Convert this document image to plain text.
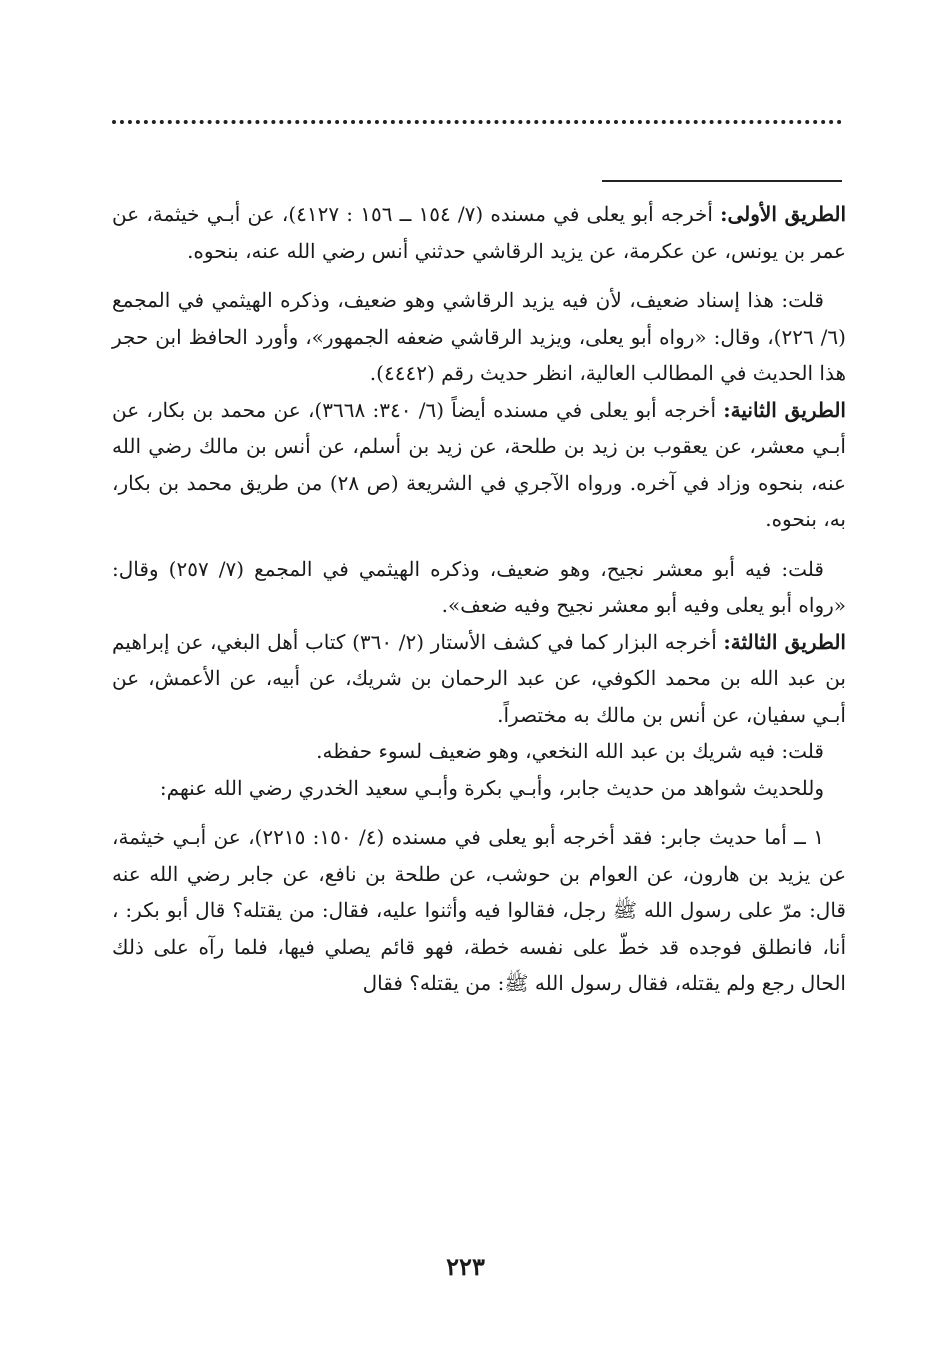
الطريق الأولى: أخرجه أبو يعلى في مسنده (٧/ ١٥٤ ــ ١٥٦ : ٤١٢٧)، عن أبـي خيثمة، عن عمر بن يونس، عن عكرمة، عن يزيد الرقاشي حدثني أنس رضي الله عنه، بنحوه.

قلت: هذا إسناد ضعيف، لأن فيه يزيد الرقاشي وهو ضعيف، وذكره الهيثمي في المجمع (٦/ ٢٢٦)، وقال: «رواه أبو يعلى، ويزيد الرقاشي ضعفه الجمهور»، وأورد الحافظ ابن حجر هذا الحديث في المطالب العالية، انظر حديث رقم (٤٤٤٢).

الطريق الثانية: أخرجه أبو يعلى في مسنده أيضاً (٦/ ٣٤٠: ٣٦٦٨)، عن محمد بن بكار، عن أبـي معشر، عن يعقوب بن زيد بن طلحة، عن زيد بن أسلم، عن أنس بن مالك رضي الله عنه، بنحوه وزاد في آخره. ورواه الآجري في الشريعة (ص ٢٨) من طريق محمد بن بكار، به، بنحوه.

قلت: فيه أبو معشر نجيح، وهو ضعيف، وذكره الهيثمي في المجمع (٧/ ٢٥٧) وقال: «رواه أبو يعلى وفيه أبو معشر نجيح وفيه ضعف».

الطريق الثالثة: أخرجه البزار كما في كشف الأستار (٢/ ٣٦٠) كتاب أهل البغي، عن إبراهيم بن عبد الله بن محمد الكوفي، عن عبد الرحمان بن شريك، عن أبيه، عن الأعمش، عن أبـي سفيان، عن أنس بن مالك به مختصراً.

قلت: فيه شريك بن عبد الله النخعي، وهو ضعيف لسوء حفظه.

وللحديث شواهد من حديث جابر، وأبـي بكرة وأبـي سعيد الخدري رضي الله عنهم:

١ ــ أما حديث جابر: فقد أخرجه أبو يعلى في مسنده (٤/ ١٥٠: ٢٢١٥)، عن أبـي خيثمة، عن يزيد بن هارون، عن العوام بن حوشب، عن طلحة بن نافع، عن جابر رضي الله عنه قال: مرّ على رسول الله ﷺ رجل، فقالوا فيه وأثنوا عليه، فقال: من يقتله؟ قال أبو بكر: ، أنا، فانطلق فوجده قد خطّ على نفسه خطة، فهو قائم يصلي فيها، فلما رآه على ذلك الحال رجع ولم يقتله، فقال رسول الله ﷺ: من يقتله؟ فقال

٢٢٣
